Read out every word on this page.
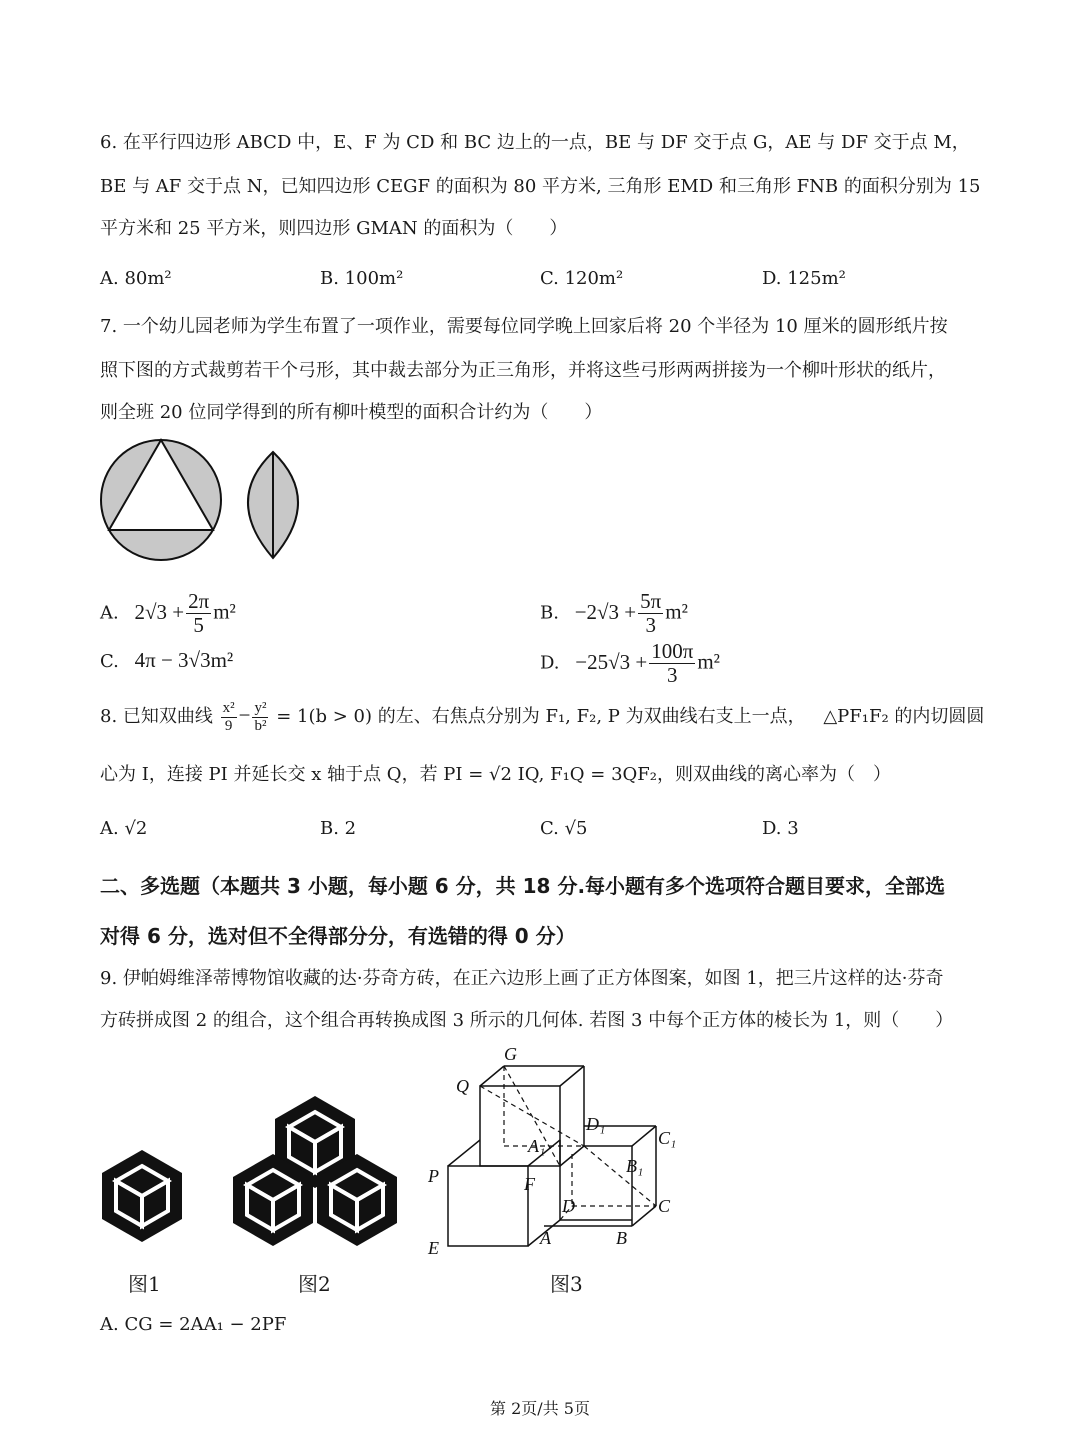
6. 在平行四边形 ABCD 中，E、F 为 CD 和 BC 边上的一点，BE 与 DF 交于点 G，AE 与 DF 交于点 M，
BE 与 AF 交于点 N，已知四边形 CEGF 的面积为 80 平方米, 三角形 EMD 和三角形 FNB 的面积分别为 15
平方米和 25 平方米，则四边形 GMAN 的面积为（　　）
A. 80m²	B. 100m²	C. 120m²	D. 125m²
7. 一个幼儿园老师为学生布置了一项作业，需要每位同学晚上回家后将 20 个半径为 10 厘米的圆形纸片按
照下图的方式裁剪若干个弓形，其中裁去部分为正三角形，并将这些弓形两两拼接为一个柳叶形状的纸片，
则全班 20 位同学得到的所有柳叶模型的面积合计约为（　　）
A. $2√3 + \frac{2\pi}{5} m^2$	B. $-2√3 + \frac{5\pi}{3} m^2$
C. 4π − 3√3m²	D. $-25√3 + \frac{100\pi}{3} m^2$
8. 已知双曲线 $\frac{\text{x²}}{9} - \frac{\text{y²}}{\text{b²}} = 1(b > 0)$ 的左、右焦点分别为 F₁, F₂, P 为双曲线右支上一点， △PF₁F₂ 的内切圆圆
心为 I，连接 PI 并延长交 x 轴于点 Q，若 PI = √2 IQ, F₁Q = 3QF₂，则双曲线的离心率为（　）
A. √2	B. 2	C. √5	D. 3
二、多选题（本题共 3 小题，每小题 6 分，共 18 分.每小题有多个选项符合题目要求，全部选
对得 6 分，选对但不全得部分分，有选错的得 0 分）
9. 伊帕姆维泽蒂博物馆收藏的达·芬奇方砖，在正六边形上画了正方体图案，如图 1，把三片这样的达·芬奇
方砖拼成图 2 的组合，这个组合再转换成图 3 所示的几何体. 若图 3 中每个正方体的棱长为 1，则（　　）
G
Q
D₁
C₁
A₁
B₁
P	F
D	C
E	A	B
图1	图2	图3
A. CG = 2AA₁ − 2PF
第 2页/共 5页
